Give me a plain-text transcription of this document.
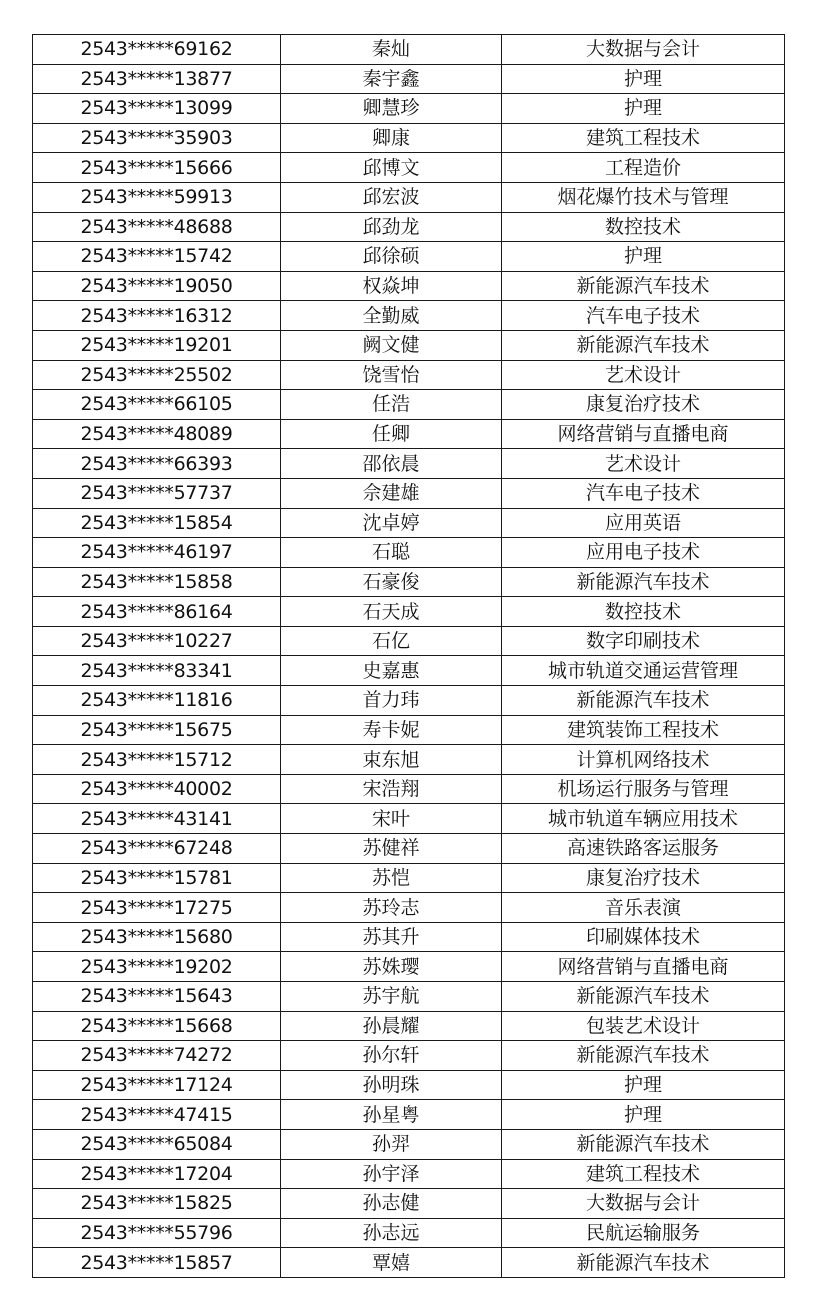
2543*****69162	秦灿	大数据与会计
2543*****13877	秦宇鑫	护理
2543*****13099	卿慧珍	护理
2543*****35903	卿康	建筑工程技术
2543*****15666	邱博文	工程造价
2543*****59913	邱宏波	烟花爆竹技术与管理
2543*****48688	邱劲龙	数控技术
2543*****15742	邱徐硕	护理
2543*****19050	权焱坤	新能源汽车技术
2543*****16312	全勤威	汽车电子技术
2543*****19201	阙文健	新能源汽车技术
2543*****25502	饶雪怡	艺术设计
2543*****66105	任浩	康复治疗技术
2543*****48089	任卿	网络营销与直播电商
2543*****66393	邵依晨	艺术设计
2543*****57737	佘建雄	汽车电子技术
2543*****15854	沈卓婷	应用英语
2543*****46197	石聪	应用电子技术
2543*****15858	石豪俊	新能源汽车技术
2543*****86164	石天成	数控技术
2543*****10227	石亿	数字印刷技术
2543*****83341	史嘉惠	城市轨道交通运营管理
2543*****11816	首力玮	新能源汽车技术
2543*****15675	寿卡妮	建筑装饰工程技术
2543*****15712	束东旭	计算机网络技术
2543*****40002	宋浩翔	机场运行服务与管理
2543*****43141	宋叶	城市轨道车辆应用技术
2543*****67248	苏健祥	高速铁路客运服务
2543*****15781	苏恺	康复治疗技术
2543*****17275	苏玲志	音乐表演
2543*****15680	苏其升	印刷媒体技术
2543*****19202	苏姝璎	网络营销与直播电商
2543*****15643	苏宇航	新能源汽车技术
2543*****15668	孙晨耀	包装艺术设计
2543*****74272	孙尔轩	新能源汽车技术
2543*****17124	孙明珠	护理
2543*****47415	孙星粤	护理
2543*****65084	孙羿	新能源汽车技术
2543*****17204	孙宇泽	建筑工程技术
2543*****15825	孙志健	大数据与会计
2543*****55796	孙志远	民航运输服务
2543*****15857	覃嬉	新能源汽车技术
